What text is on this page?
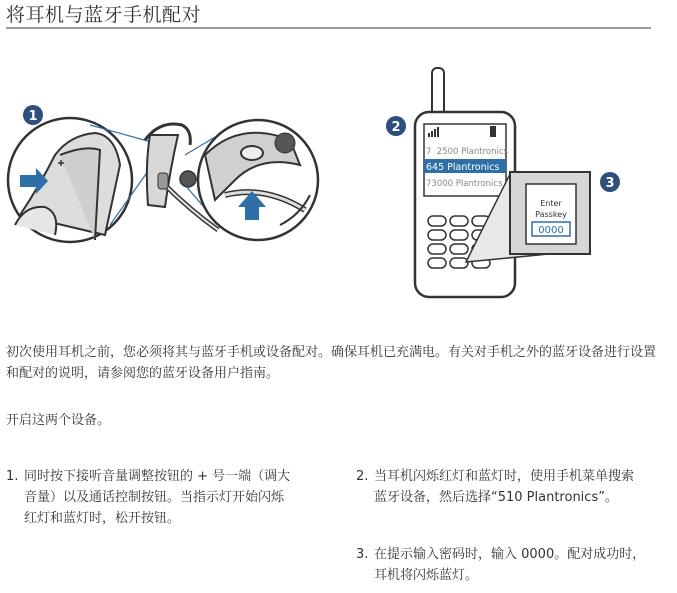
将耳机与蓝牙手机配对
1
2
7  2500 Plantronics
645 Plantronics
73000 Plantronics
Enter
Passkey
0000
3
初次使用耳机之前，您必须将其与蓝牙手机或设备配对。确保耳机已充满电。有关对手机之外的蓝牙设备进行设置和配对的说明，请参阅您的蓝牙设备用户指南。
开启这两个设备。
1. 同时按下接听音量调整按钮的 + 号一端（调大音量）以及通话控制按钮。当指示灯开始闪烁红灯和蓝灯时，松开按钮。
2. 当耳机闪烁红灯和蓝灯时，使用手机菜单搜索蓝牙设备，然后选择“510 Plantronics”。
3. 在提示输入密码时，输入 0000。配对成功时，耳机将闪烁蓝灯。
